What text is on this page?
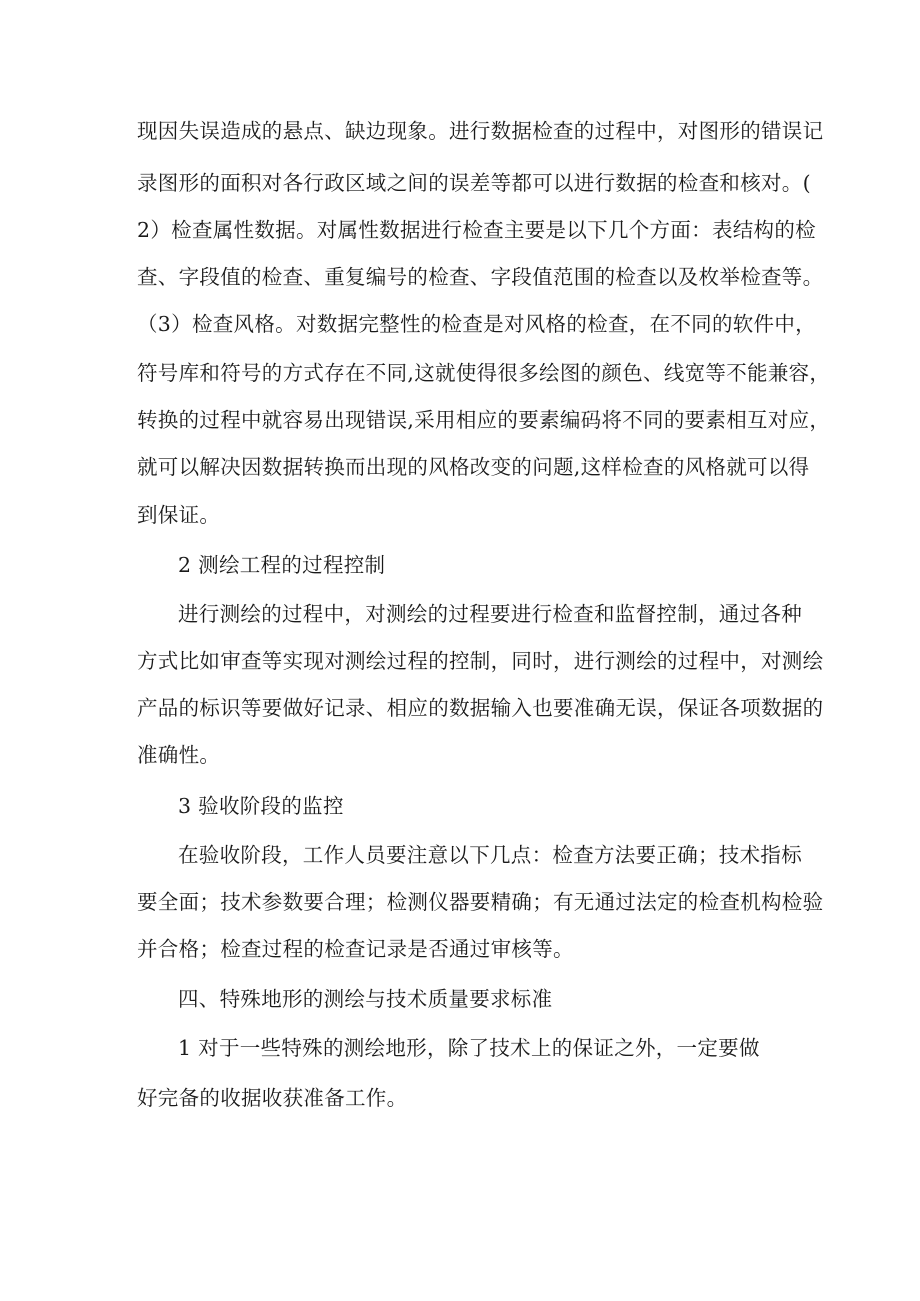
现因失误造成的悬点、缺边现象。进行数据检查的过程中，对图形的错误记
录图形的面积对各行政区域之间的误差等都可以进行数据的检查和核对。(
2）检查属性数据。对属性数据进行检查主要是以下几个方面：表结构的检
查、字段值的检查、重复编号的检查、字段值范围的检查以及枚举检查等。
（3）检查风格。对数据完整性的检查是对风格的检查，在不同的软件中，
符号库和符号的方式存在不同,这就使得很多绘图的颜色、线宽等不能兼容，
转换的过程中就容易出现错误,采用相应的要素编码将不同的要素相互对应，
就可以解决因数据转换而出现的风格改变的问题,这样检查的风格就可以得
到保证。
2 测绘工程的过程控制
进行测绘的过程中，对测绘的过程要进行检查和监督控制，通过各种
方式比如审查等实现对测绘过程的控制，同时，进行测绘的过程中，对测绘
产品的标识等要做好记录、相应的数据输入也要准确无误，保证各项数据的
准确性。
3 验收阶段的监控
在验收阶段，工作人员要注意以下几点：检查方法要正确；技术指标
要全面；技术参数要合理；检测仪器要精确；有无通过法定的检查机构检验
并合格；检查过程的检查记录是否通过审核等。
四、特殊地形的测绘与技术质量要求标准
1 对于一些特殊的测绘地形，除了技术上的保证之外，一定要做
好完备的收据收获准备工作。
